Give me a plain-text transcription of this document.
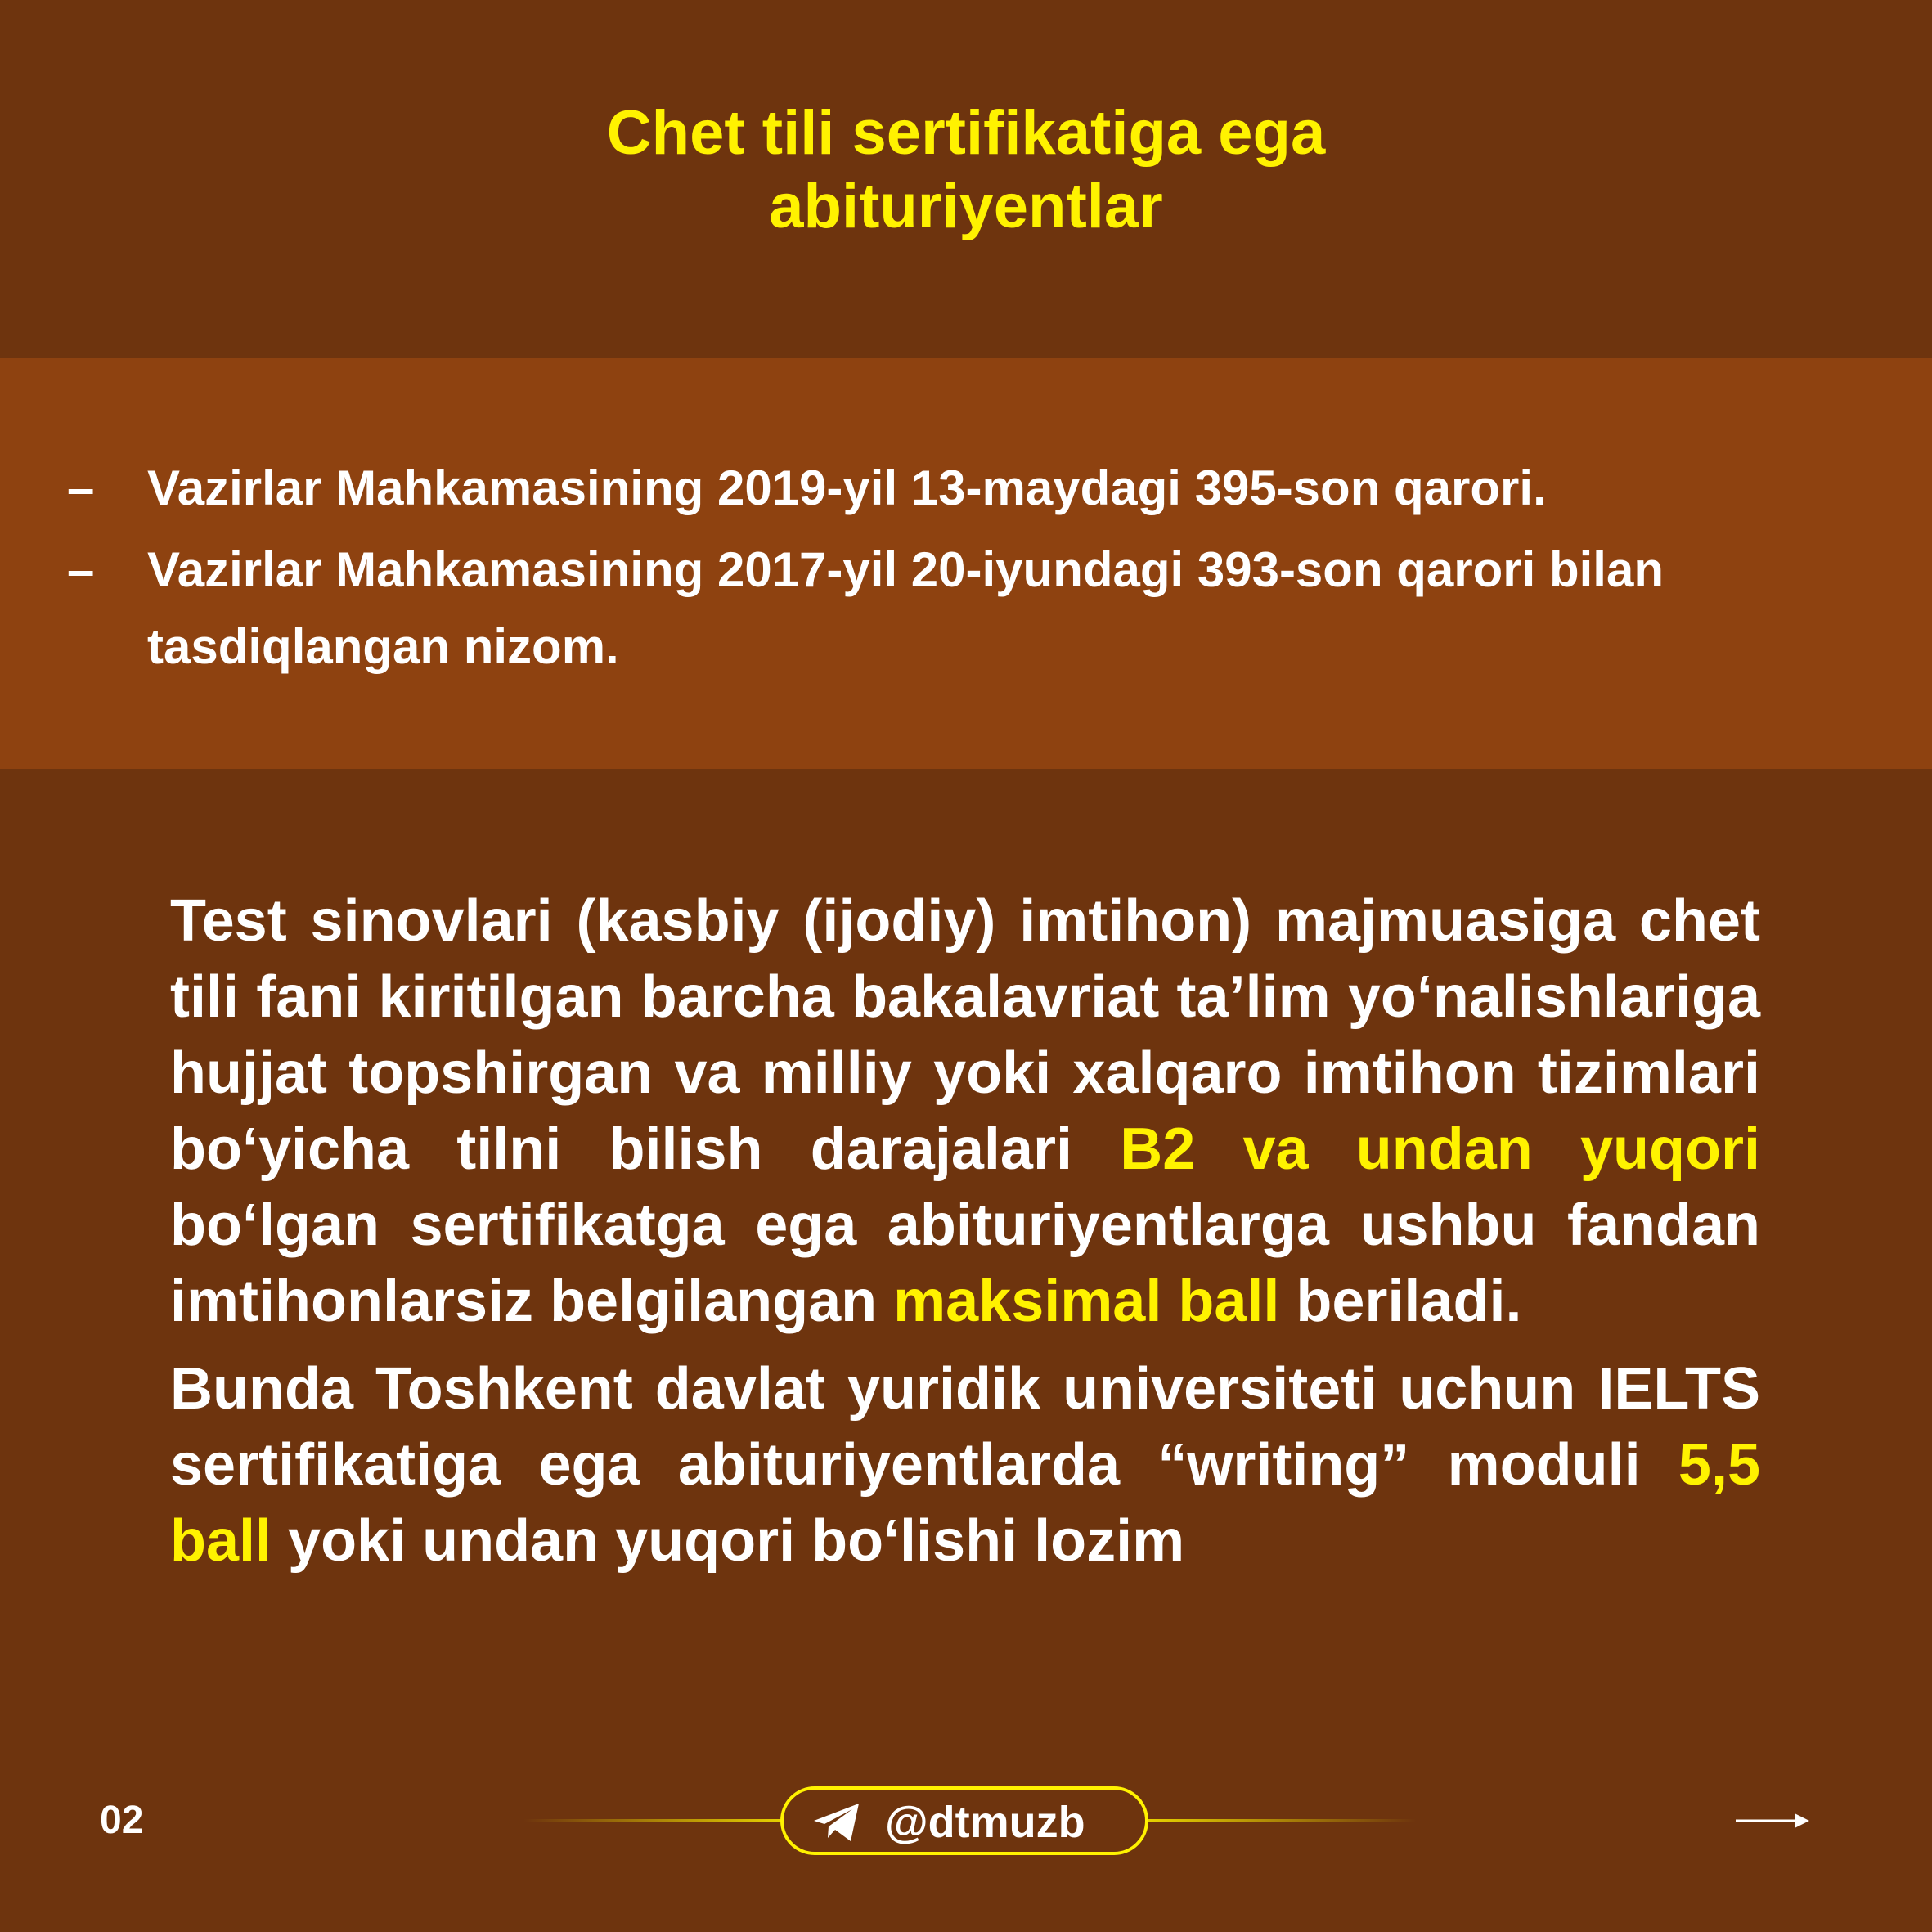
Chet tili sertifikatiga ega
abituriyentlar
– Vazirlar Mahkamasining 2019-yil 13-maydagi 395-son qarori.
– Vazirlar Mahkamasining 2017-yil 20-iyundagi 393-son qarori bilan tasdiqlangan nizom.

Test sinovlari (kasbiy (ijodiy) imtihon) majmuasiga chet tili fani kiritilgan barcha bakalavriat ta’lim yo‘nalishlariga hujjat topshirgan va milliy yoki xalqaro imtihon tizimlari bo‘yicha tilni bilish darajalari B2 va undan yuqori bo‘lgan sertifikatga ega abituriyentlarga ushbu fandan imtihonlarsiz belgilangan maksimal ball beriladi.

Bunda Toshkent davlat yuridik universiteti uchun IELTS sertifikatiga ega abituriyentlarda “writing” moduli 5,5 ball yoki undan yuqori bo‘lishi lozim

02	@dtmuzb
